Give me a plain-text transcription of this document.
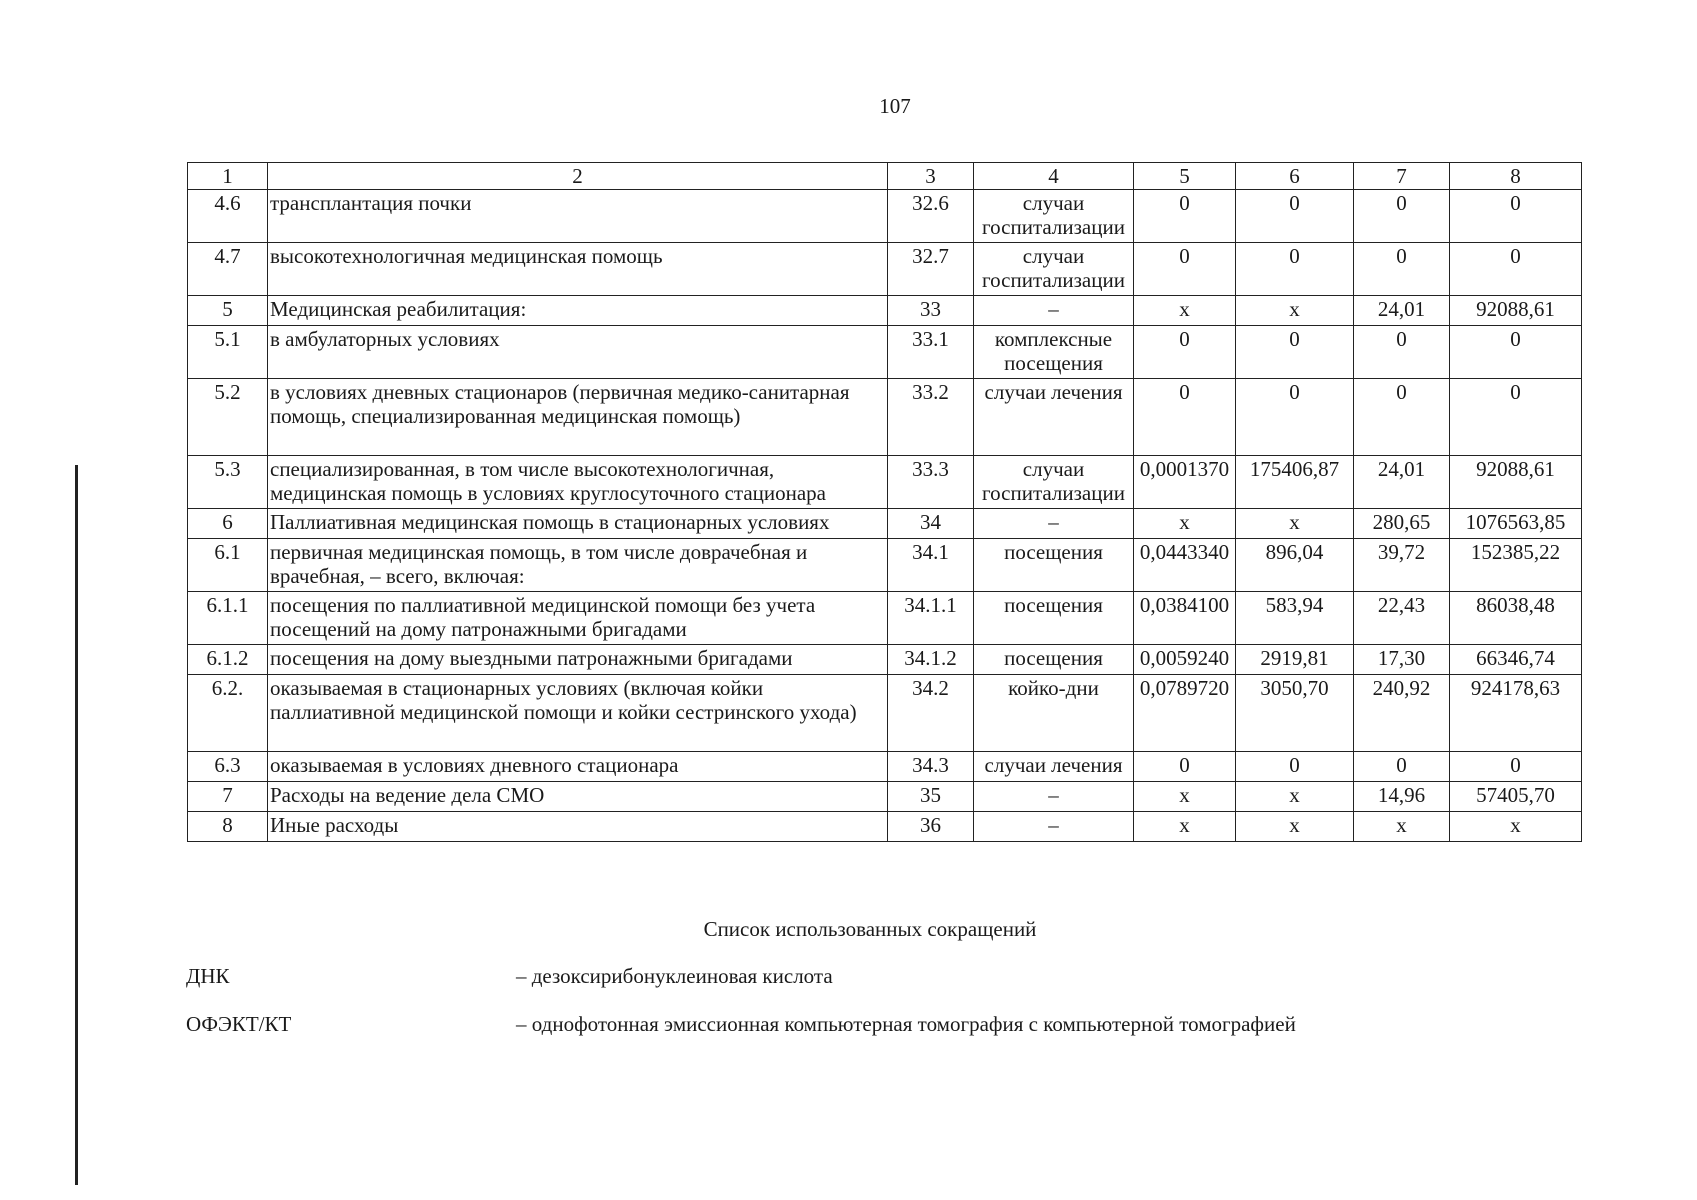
107
1	2	3	4	5	6	7	8
4.6	трансплантация почки	32.6	случаи госпитализации	0	0	0	0
4.7	высокотехнологичная медицинская помощь	32.7	случаи госпитализации	0	0	0	0
5	Медицинская реабилитация:	33	–	х	х	24,01	92088,61
5.1	в амбулаторных условиях	33.1	комплексные посещения	0	0	0	0
5.2	в условиях дневных стационаров (первичная медико-санитарная помощь, специализированная медицинская помощь)	33.2	случаи лечения	0	0	0	0
5.3	специализированная, в том числе высокотехнологичная, медицинская помощь в условиях круглосуточного стационара	33.3	случаи госпитализации	0,0001370	175406,87	24,01	92088,61
6	Паллиативная медицинская помощь в стационарных условиях	34	–	х	х	280,65	1076563,85
6.1	первичная медицинская помощь, в том числе доврачебная и врачебная, – всего, включая:	34.1	посещения	0,0443340	896,04	39,72	152385,22
6.1.1	посещения по паллиативной медицинской помощи без учета посещений на дому патронажными бригадами	34.1.1	посещения	0,0384100	583,94	22,43	86038,48
6.1.2	посещения на дому выездными патронажными бригадами	34.1.2	посещения	0,0059240	2919,81	17,30	66346,74
6.2.	оказываемая в стационарных условиях (включая койки паллиативной медицинской помощи и койки сестринского ухода)	34.2	койко-дни	0,0789720	3050,70	240,92	924178,63
6.3	оказываемая в условиях дневного стационара	34.3	случаи лечения	0	0	0	0
7	Расходы на ведение дела СМО	35	–	х	х	14,96	57405,70
8	Иные расходы	36	–	х	х	х	х
Список использованных сокращений
ДНК	– дезоксирибонуклеиновая кислота
ОФЭКТ/КТ	– однофотонная эмиссионная компьютерная томография с компьютерной томографией
